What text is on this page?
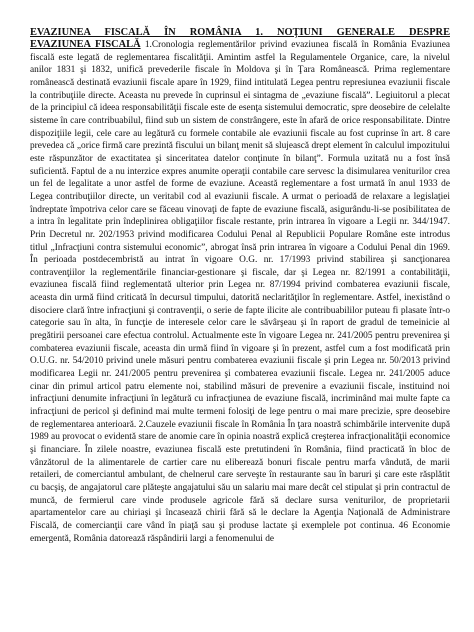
EVAZIUNEA FISCALĂ ÎN ROMÂNIA 1. NOŢIUNI GENERALE DESPRE

EVAZIUNEA FISCALĂ 1.Cronologia reglementărilor privind evaziunea fiscală în România Evaziunea fiscală este legată de reglementarea fiscalităţii. Amintim astfel la Regulamentele Organice, care, la nivelul anilor 1831 şi 1832, unifică prevederile fiscale în Moldova şi în Ţara Românească. Prima reglementare românească destinată evaziunii fiscale apare în 1929, fiind intitulată Legea pentru represiunea evaziunii fiscale la contribuţiile directe. Aceasta nu prevede în cuprinsul ei sintagma de „evaziune fiscală”. Legiuitorul a plecat de la principiul că ideea responsabilităţii fiscale este de esenţa sistemului democratic, spre deosebire de celelalte sisteme în care contribuabilul, fiind sub un sistem de constrângere, este în afară de orice responsabilitate. Dintre dispoziţiile legii, cele care au legătură cu formele contabile ale evaziunii fiscale au fost cuprinse în art. 8 care prevedea că „orice firmă care prezintă fiscului un bilanţ menit să slujească drept element în calculul impozitului este răspunzător de exactitatea şi sinceritatea datelor conţinute în bilanţ”. Formula uzitată nu a fost însă suficientă. Faptul de a nu interzice expres anumite operaţii contabile care servesc la disimularea veniturilor crea un fel de legalitate a unor astfel de forme de evaziune. Această reglementare a fost urmată în anul 1933 de Legea contribuţiilor directe, un veritabil cod al evaziunii fiscale. A urmat o perioadă de relaxare a legislaţiei îndreptate împotriva celor care se făceau vinovaţi de fapte de evaziune fiscală, asigurându-li-se posibilitatea de a intra în legalitate prin îndeplinirea obligaţiilor fiscale restante, prin intrarea în vigoare a Legii nr. 344/1947. Prin Decretul nr. 202/1953 privind modificarea Codului Penal al Republicii Populare Române este introdus titlul „Infracţiuni contra sistemului economic”, abrogat însă prin intrarea în vigoare a Codului Penal din 1969. În perioada postdecembristă au intrat în vigoare O.G. nr. 17/1993 privind stabilirea şi sancţionarea contravenţiilor la reglementările financiar-gestionare şi fiscale, dar şi Legea nr. 82/1991 a contabilităţii, evaziunea fiscală fiind reglementată ulterior prin Legea nr. 87/1994 privind combaterea evaziunii fiscale, aceasta din urmă fiind criticată în decursul timpului, datorită neclarităţilor în reglementare. Astfel, inexistând o disociere clară între infracţiuni şi contravenţii, o serie de fapte ilicite ale contribuabililor puteau fi plasate într-o categorie sau în alta, în funcţie de interesele celor care le săvârşeau şi în raport de gradul de temeinicie al pregătirii persoanei care efectua controlul. Actualmente este în vigoare Legea nr. 241/2005 pentru prevenirea şi combaterea evaziunii fiscale, aceasta din urmă fiind în vigoare şi în prezent, astfel cum a fost modificată prin O.U.G. nr. 54/2010 privind unele măsuri pentru combaterea evaziunii fiscale şi prin Legea nr. 50/2013 privind modificarea Legii nr. 241/2005 pentru prevenirea şi combaterea evaziunii fiscale. Legea nr. 241/2005 aduce cinar din primul articol patru elemente noi, stabilind măsuri de prevenire a evaziunii fiscale, instituind noi infracţiuni denumite infracţiuni în legătură cu infracţiunea de evaziune fiscală, incriminând mai multe fapte ca infracţiuni de pericol şi definind mai multe termeni folosiţi de lege pentru o mai mare precizie, spre deosebire de reglementarea anterioară. 2.Cauzele evaziunii fiscale în România În ţara noastră schimbările intervenite după 1989 au provocat o evidentă stare de anomie care în opinia noastră explică creşterea infracţionalităţii economice şi financiare. În zilele noastre, evaziunea fiscală este pretutindeni în România, fiind practicată în bloc de vânzătorul de la alimentarele de cartier care nu eliberează bonuri fiscale pentru marfa vândută, de marii retaileri, de comerciantul ambulant, de chelnerul care serveşte în restaurante sau în baruri şi care este răsplătit cu bacşiş, de angajatorul care plăteşte angajatului său un salariu mai mare decât cel stipulat şi prin contractul de muncă, de fermierul care vinde produsele agricole fără să declare sursa veniturilor, de proprietarii apartamentelor care au chiriaşi şi încasează chirii fără să le declare la Agenţia Naţională de Administrare Fiscală, de comercianţii care vând în piaţă sau şi produse lactate şi exemplele pot continua. 46 Economie emergentă, România datorează răspândirii largi a fenomenului de
